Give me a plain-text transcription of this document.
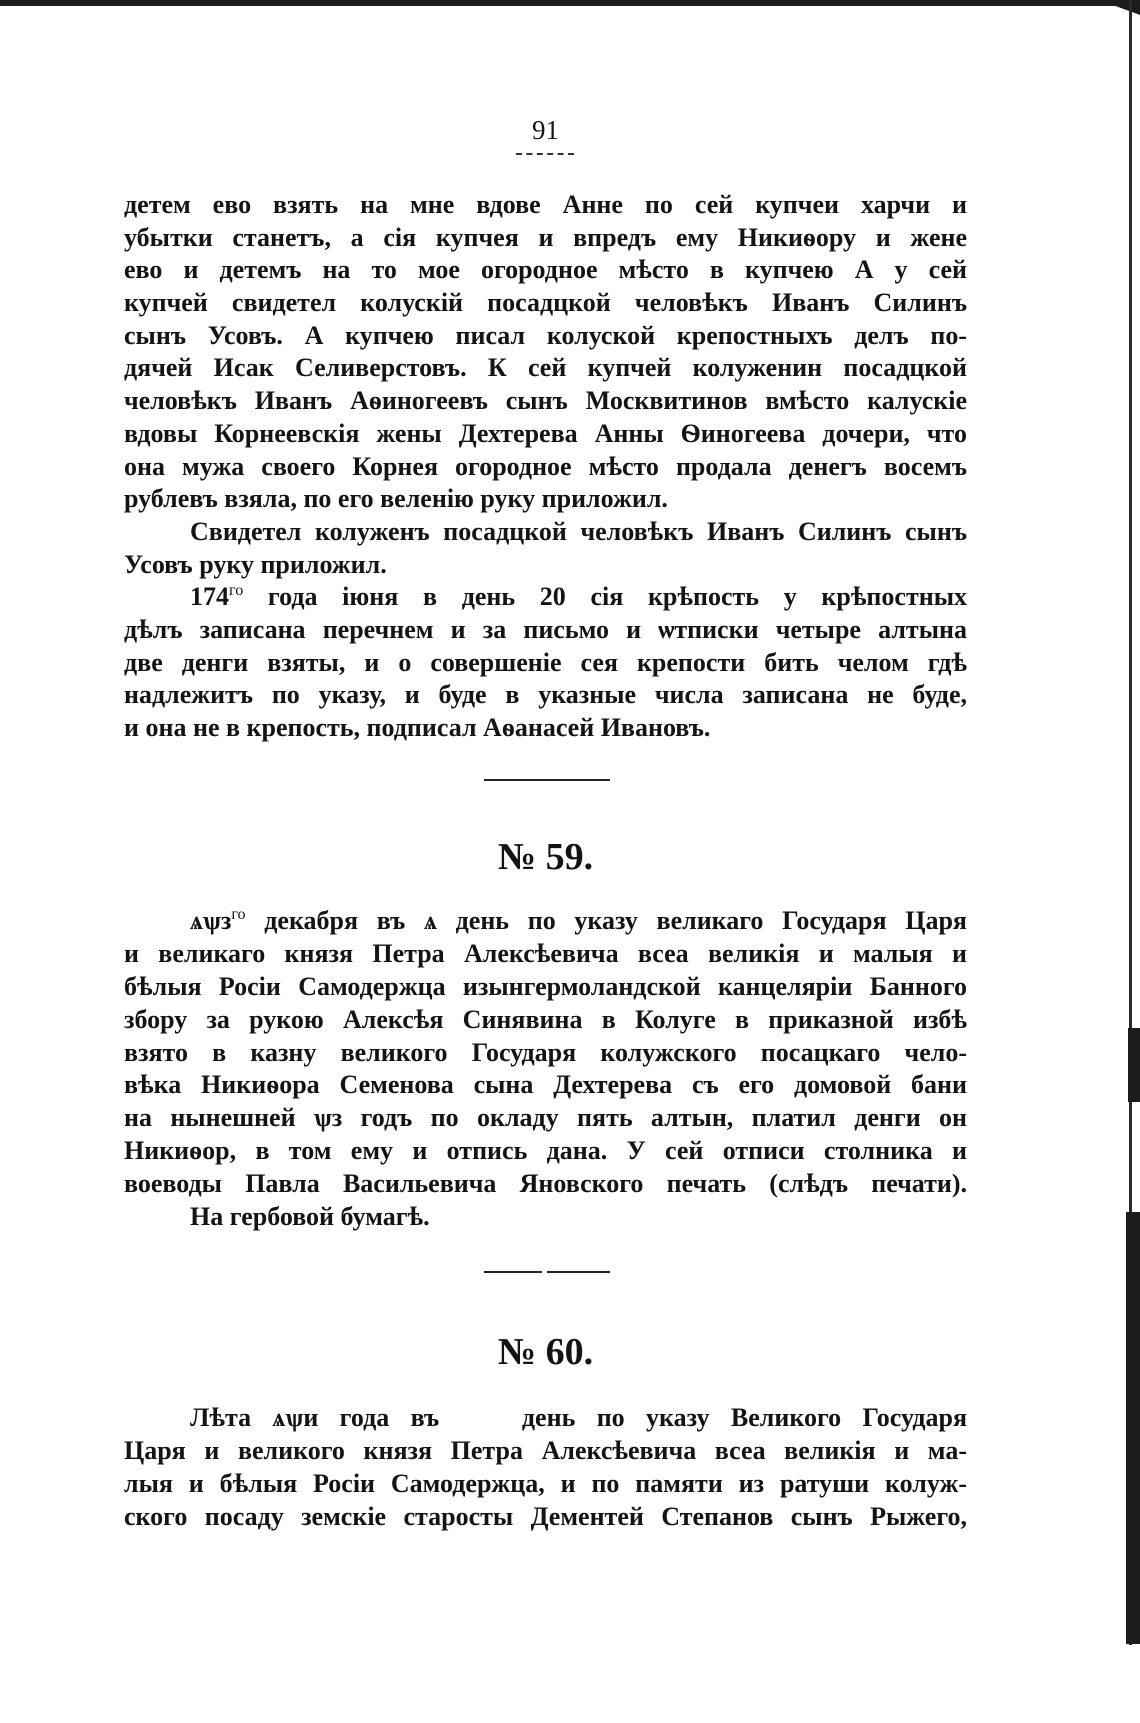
91
детем ево взять на мне вдове Анне по сей купчеи харчи и
убытки станетъ, а сія купчея и впредъ ему Никиѳору и жене
ево и детемъ на то мое огородное мѣсто в купчею А у сей
купчей свидетел колускій посадцкой человѣкъ Иванъ Силинъ
сынъ Усовъ. А купчею писал колуской крепостныхъ делъ по-
дячей Исак Селиверстовъ. К сей купчей колуженин посадцкой
человѣкъ Иванъ Аѳиногеевъ сынъ Москвитинов вмѣсто калускіе
вдовы Корнеевскія жены Дехтерева Анны Ѳиногеева дочери, что
она мужа своего Корнея огородное мѣсто продала денегъ восемъ
рублевъ взяла, по его веленію руку приложил.
Свидетел колуженъ посадцкой человѣкъ Иванъ Силинъ сынъ
Усовъ руку приложил.
$174^{го}$ года іюня в день 20 сія крѣпость у крѣпостных
дѣлъ записана перечнем и за письмо и ѡтписки четыре алтына
две денги взяты, и о совершеніе сея крепости бить челом гдѣ
надлежитъ по указу, и буде в указные числа записана не буде,
и она не в крепость, подписал Аѳанасей Ивановъ.
№ 59.
ѧѱз$^{го}$ декабря въ ѧ день по указу великаго Государя Царя
и великаго князя Петра Алексѣевича всеа великія и малыя и
бѣлыя Росіи Самодержца изынгермоландской канцеляріи Банного
збору за рукою Алексѣя Синявина в Колуге в приказной избѣ
взято в казну великого Государя колужского посацкаго чело-
вѣка Никиѳора Семенова сына Дехтерева съ его домовой бани
на нынешней ѱз годъ по окладу пять алтын, платил денги он
Никиѳор, в том ему и отпись дана. У сей отписи столника и
воеводы Павла Васильевича Яновского печать (слѣдъ печати).
На гербовой бумагѣ.
№ 60.
Лѣта ѧѱи года въ	день по указу Великого Государя
Царя и великого князя Петра Алексѣевича всеа великія и ма-
лыя и бѣлыя Росіи Самодержца, и по памяти из ратуши колуж-
ского посаду земскіе старосты Дементей Степанов сынъ Рыжего,
